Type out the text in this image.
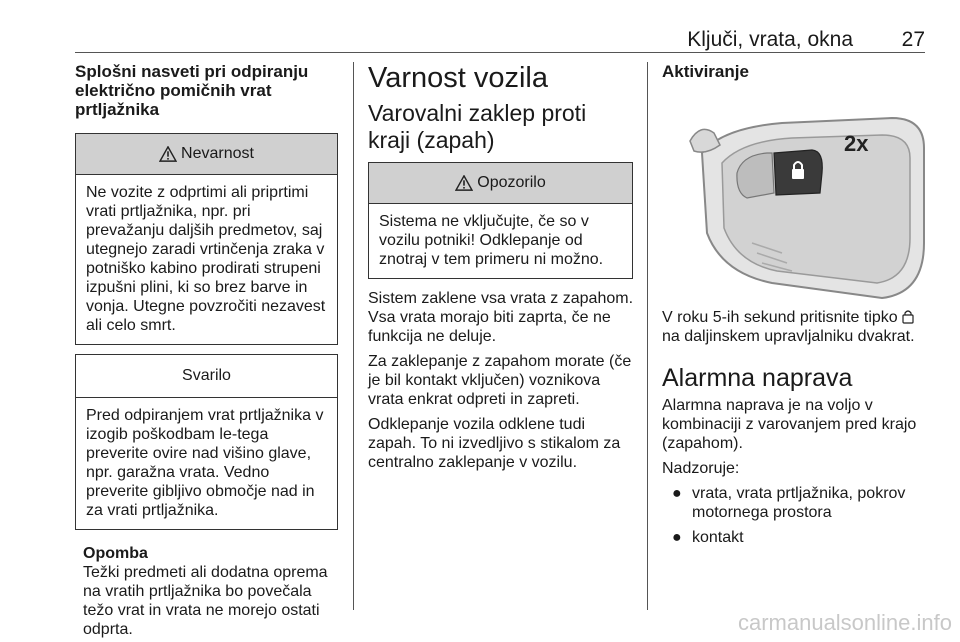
Ključi, vrata, okna 27
Splošni nasveti pri odpiranju električno pomičnih vrat prtljažnika
Nevarnost
Ne vozite z odprtimi ali priprtimi vrati prtljažnika, npr. pri prevažanju daljših predmetov, saj utegnejo zaradi vrtinčenja zraka v potniško kabino prodirati strupeni izpušni plini, ki so brez barve in vonja. Utegne povzročiti nezavest ali celo smrt.
Svarilo
Pred odpiranjem vrat prtljažnika v izogib poškodbam le-tega preverite ovire nad višino glave, npr. garažna vrata. Vedno preverite gibljivo območje nad in za vrati prtljažnika.
Opomba
Težki predmeti ali dodatna oprema na vratih prtljažnika bo povečala težo vrat in vrata ne morejo ostati odprta.
Varnost vozila
Varovalni zaklep proti kraji (zapah)
Opozorilo
Sistema ne vključujte, če so v vozilu potniki! Odklepanje od znotraj v tem primeru ni možno.

Sistem zaklene vsa vrata z zapahom. Vsa vrata morajo biti zaprta, če ne funkcija ne deluje.

Za zaklepanje z zapahom morate (če je bil kontakt vključen) voznikova vrata enkrat odpreti in zapreti.

Odklepanje vozila odklene tudi zapah. To ni izvedljivo s stikalom za centralno zaklepanje v vozilu.

Aktiviranje
2x

V roku 5-ih sekund pritisnite tipko  na daljinskem upravljalniku dvakrat.

Alarmna naprava

Alarmna naprava je na voljo v kombinaciji z varovanjem pred krajo (zapahom).

Nadzoruje:

● vrata, vrata prtljažnika, pokrov motornega prostora
● kontakt
carmanualsonline.info
